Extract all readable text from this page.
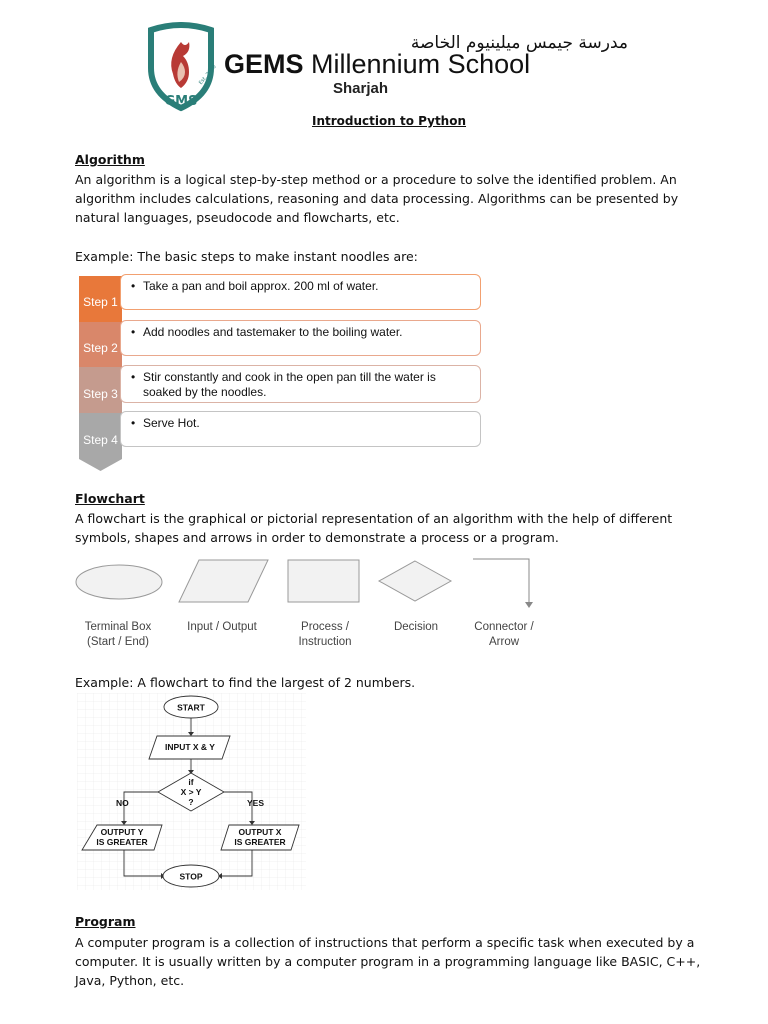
GMS
Est. 2010
مدرسة جيمس ميلينيوم الخاصة
GEMS Millennium School
Sharjah
Introduction to Python
Algorithm
An algorithm is a logical step-by-step method or a procedure to solve the identified problem. An
algorithm includes calculations, reasoning and data processing. Algorithms can be presented by
natural languages, pseudocode and flowcharts, etc.
Example: The basic steps to make instant noodles are:
Step 1
• Take a pan and boil approx. 200 ml of water.
Step 2
• Add noodles and tastemaker to the boiling water.
Step 3
• Stir constantly and cook in the open pan till the water is
soaked by the noodles.
Step 4
• Serve Hot.
Flowchart
A flowchart is the graphical or pictorial representation of an algorithm with the help of different
symbols, shapes and arrows in order to demonstrate a process or a program.
Terminal Box
(Start / End)
Input / Output	Process /
Instruction
Decision	Connector /
Arrow
Example: A flowchart to find the largest of 2 numbers.
START
INPUT X & Y
if
X > Y
?
NO	YES
OUTPUT Y
IS GREATER
OUTPUT X
IS GREATER
STOP
Program
A computer program is a collection of instructions that perform a specific task when executed by a
computer. It is usually written by a computer program in a programming language like BASIC, C++,
Java, Python, etc.
